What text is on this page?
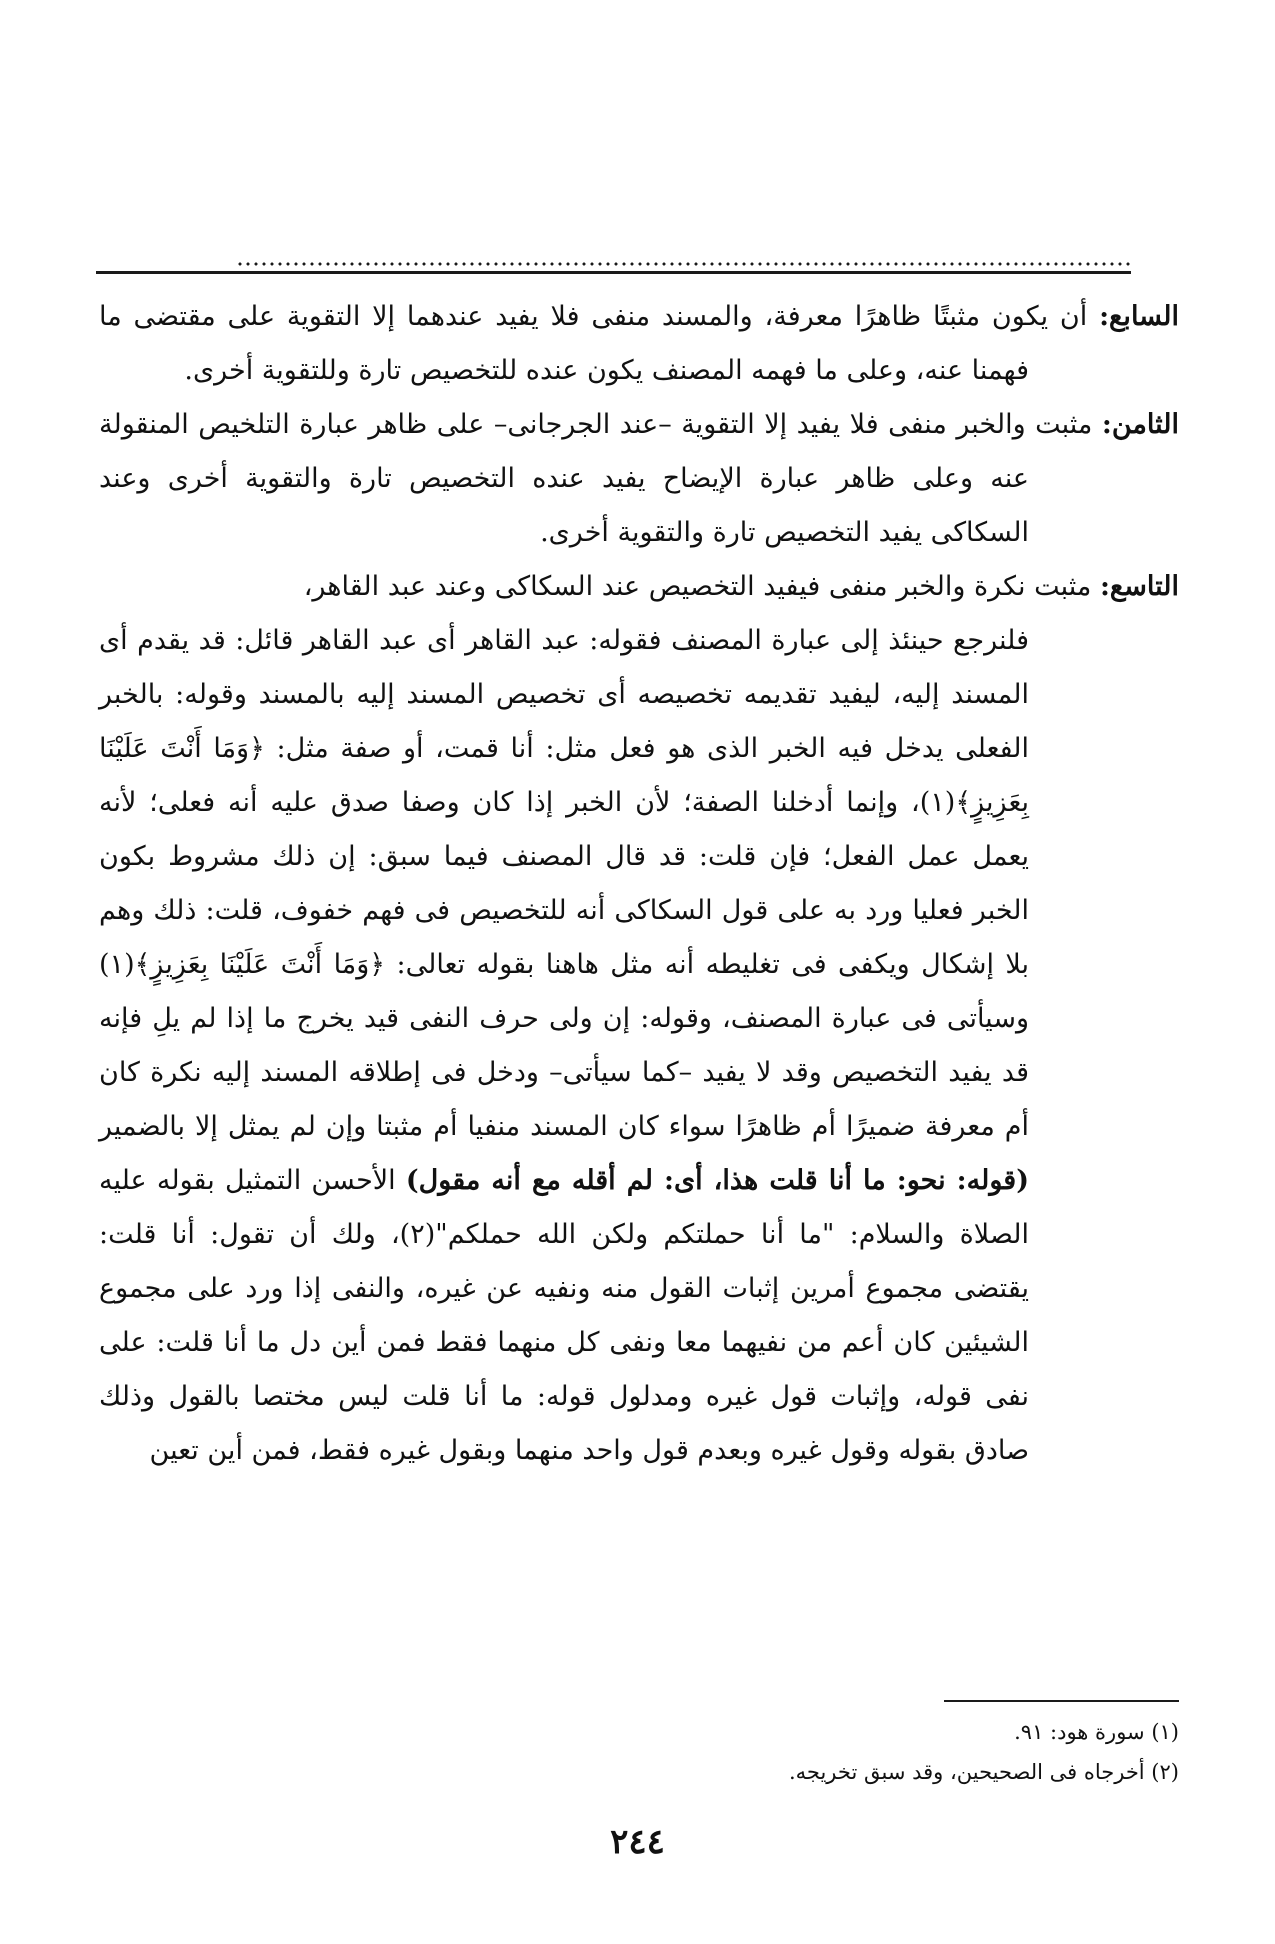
السابع: أن يكون مثبتًا ظاهرًا معرفة، والمسند منفى فلا يفيد عندهما إلا التقوية على مقتضى ما فهمنا عنه، وعلى ما فهمه المصنف يكون عنده للتخصيص تارة وللتقوية أخرى.

الثامن: مثبت والخبر منفى فلا يفيد إلا التقوية –عند الجرجانى– على ظاهر عبارة التلخيص المنقولة عنه وعلى ظاهر عبارة الإيضاح يفيد عنده التخصيص تارة والتقوية أخرى وعند السكاكى يفيد التخصيص تارة والتقوية أخرى.

التاسع: مثبت نكرة والخبر منفى فيفيد التخصيص عند السكاكى وعند عبد القاهر،

فلنرجع حينئذ إلى عبارة المصنف فقوله: عبد القاهر أى عبد القاهر قائل: قد يقدم أى المسند إليه، ليفيد تقديمه تخصيصه أى تخصيص المسند إليه بالمسند وقوله: بالخبر الفعلى يدخل فيه الخبر الذى هو فعل مثل: أنا قمت، أو صفة مثل: ﴿وَمَا أَنْتَ عَلَيْنَا بِعَزِيزٍ﴾(١)، وإنما أدخلنا الصفة؛ لأن الخبر إذا كان وصفا صدق عليه أنه فعلى؛ لأنه يعمل عمل الفعل؛ فإن قلت: قد قال المصنف فيما سبق: إن ذلك مشروط بكون الخبر فعليا ورد به على قول السكاكى أنه للتخصيص فى فهم خفوف، قلت: ذلك وهم بلا إشكال ويكفى فى تغليطه أنه مثل هاهنا بقوله تعالى: ﴿وَمَا أَنْتَ عَلَيْنَا بِعَزِيزٍ﴾(١) وسيأتى فى عبارة المصنف، وقوله: إن ولى حرف النفى قيد يخرج ما إذا لم يلِ فإنه قد يفيد التخصيص وقد لا يفيد –كما سيأتى– ودخل فى إطلاقه المسند إليه نكرة كان أم معرفة ضميرًا أم ظاهرًا سواء كان المسند منفيا أم مثبتا وإن لم يمثل إلا بالضمير (قوله: نحو: ما أنا قلت هذا، أى: لم أقله مع أنه مقول) الأحسن التمثيل بقوله عليه الصلاة والسلام: "ما أنا حملتكم ولكن الله حملكم"(٢)، ولك أن تقول: أنا قلت: يقتضى مجموع أمرين إثبات القول منه ونفيه عن غيره، والنفى إذا ورد على مجموع الشيئين كان أعم من نفيهما معا ونفى كل منهما فقط فمن أين دل ما أنا قلت: على نفى قوله، وإثبات قول غيره ومدلول قوله: ما أنا قلت ليس مختصا بالقول وذلك صادق بقوله وقول غيره وبعدم قول واحد منهما وبقول غيره فقط، فمن أين تعين

(١) سورة هود: ٩١.

(٢) أخرجاه فى الصحيحين، وقد سبق تخريجه.

٢٤٤
